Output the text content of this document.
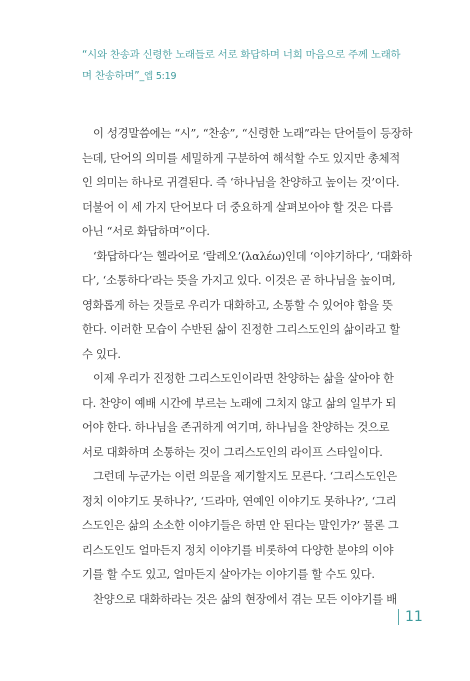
“시와 찬송과 신령한 노래들로 서로 화답하며 너희 마음으로 주께 노래하
며 찬송하며”_엡 5:19
이 성경말씀에는 “시”, “찬송”, “신령한 노래”라는 단어들이 등장하
는데, 단어의 의미를 세밀하게 구분하여 해석할 수도 있지만 총체적
인 의미는 하나로 귀결된다. 즉 ‘하나님을 찬양하고 높이는 것’이다.
더불어 이 세 가지 단어보다 더 중요하게 살펴보아야 할 것은 다름
아닌 “서로 화답하며”이다.
‘화답하다’는 헬라어로 ‘랄레오’(λαλέω)인데 ‘이야기하다’, ‘대화하
다’, ‘소통하다’라는 뜻을 가지고 있다. 이것은 곧 하나님을 높이며,
영화롭게 하는 것들로 우리가 대화하고, 소통할 수 있어야 함을 뜻
한다. 이러한 모습이 수반된 삶이 진정한 그리스도인의 삶이라고 할
수 있다.
이제 우리가 진정한 그리스도인이라면 찬양하는 삶을 살아야 한
다. 찬양이 예배 시간에 부르는 노래에 그치지 않고 삶의 일부가 되
어야 한다. 하나님을 존귀하게 여기며, 하나님을 찬양하는 것으로
서로 대화하며 소통하는 것이 그리스도인의 라이프 스타일이다.
그런데 누군가는 이런 의문을 제기할지도 모른다. ‘그리스도인은
정치 이야기도 못하나?’, ‘드라마, 연예인 이야기도 못하나?’, ‘그리
스도인은 삶의 소소한 이야기들은 하면 안 된다는 말인가?’ 물론 그
리스도인도 얼마든지 정치 이야기를 비롯하여 다양한 분야의 이야
기를 할 수도 있고, 얼마든지 살아가는 이야기를 할 수도 있다.
찬양으로 대화하라는 것은 삶의 현장에서 겪는 모든 이야기를 배
11
